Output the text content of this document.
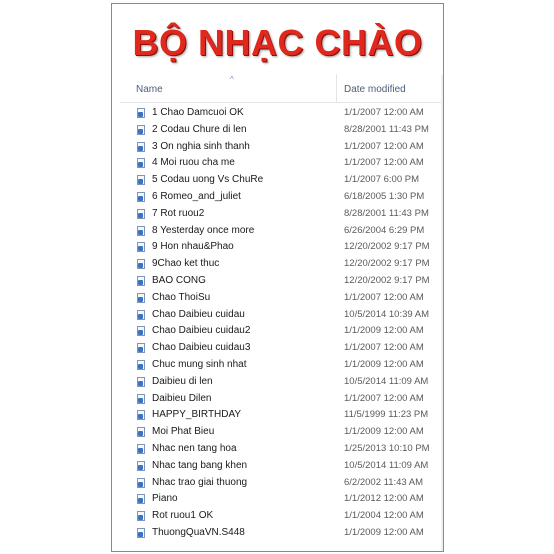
BỘ NHẠC CHÀO
^
Name	Date modified
1 Chao Damcuoi OK	1/1/2007 12:00 AM
2 Codau Chure di len	8/28/2001 11:43 PM
3 On nghia sinh thanh	1/1/2007 12:00 AM
4 Moi ruou cha me	1/1/2007 12:00 AM
5 Codau uong Vs ChuRe	1/1/2007 6:00 PM
6 Romeo_and_juliet	6/18/2005 1:30 PM
7 Rot ruou2	8/28/2001 11:43 PM
8 Yesterday once more	6/26/2004 6:29 PM
9 Hon nhau&Phao	12/20/2002 9:17 PM
9Chao ket thuc	12/20/2002 9:17 PM
BAO CONG	12/20/2002 9:17 PM
Chao ThoiSu	1/1/2007 12:00 AM
Chao Daibieu cuidau	10/5/2014 10:39 AM
Chao Daibieu cuidau2	1/1/2009 12:00 AM
Chao Daibieu cuidau3	1/1/2007 12:00 AM
Chuc mung sinh nhat	1/1/2009 12:00 AM
Daibieu di len	10/5/2014 11:09 AM
Daibieu Dilen	1/1/2007 12:00 AM
HAPPY_BIRTHDAY	11/5/1999 11:23 PM
Moi Phat Bieu	1/1/2009 12:00 AM
Nhac nen tang hoa	1/25/2013 10:10 PM
Nhac tang bang khen	10/5/2014 11:09 AM
Nhac trao giai thuong	6/2/2002 11:43 AM
Piano	1/1/2012 12:00 AM
Rot ruou1 OK	1/1/2004 12:00 AM
ThuongQuaVN.S448	1/1/2009 12:00 AM
